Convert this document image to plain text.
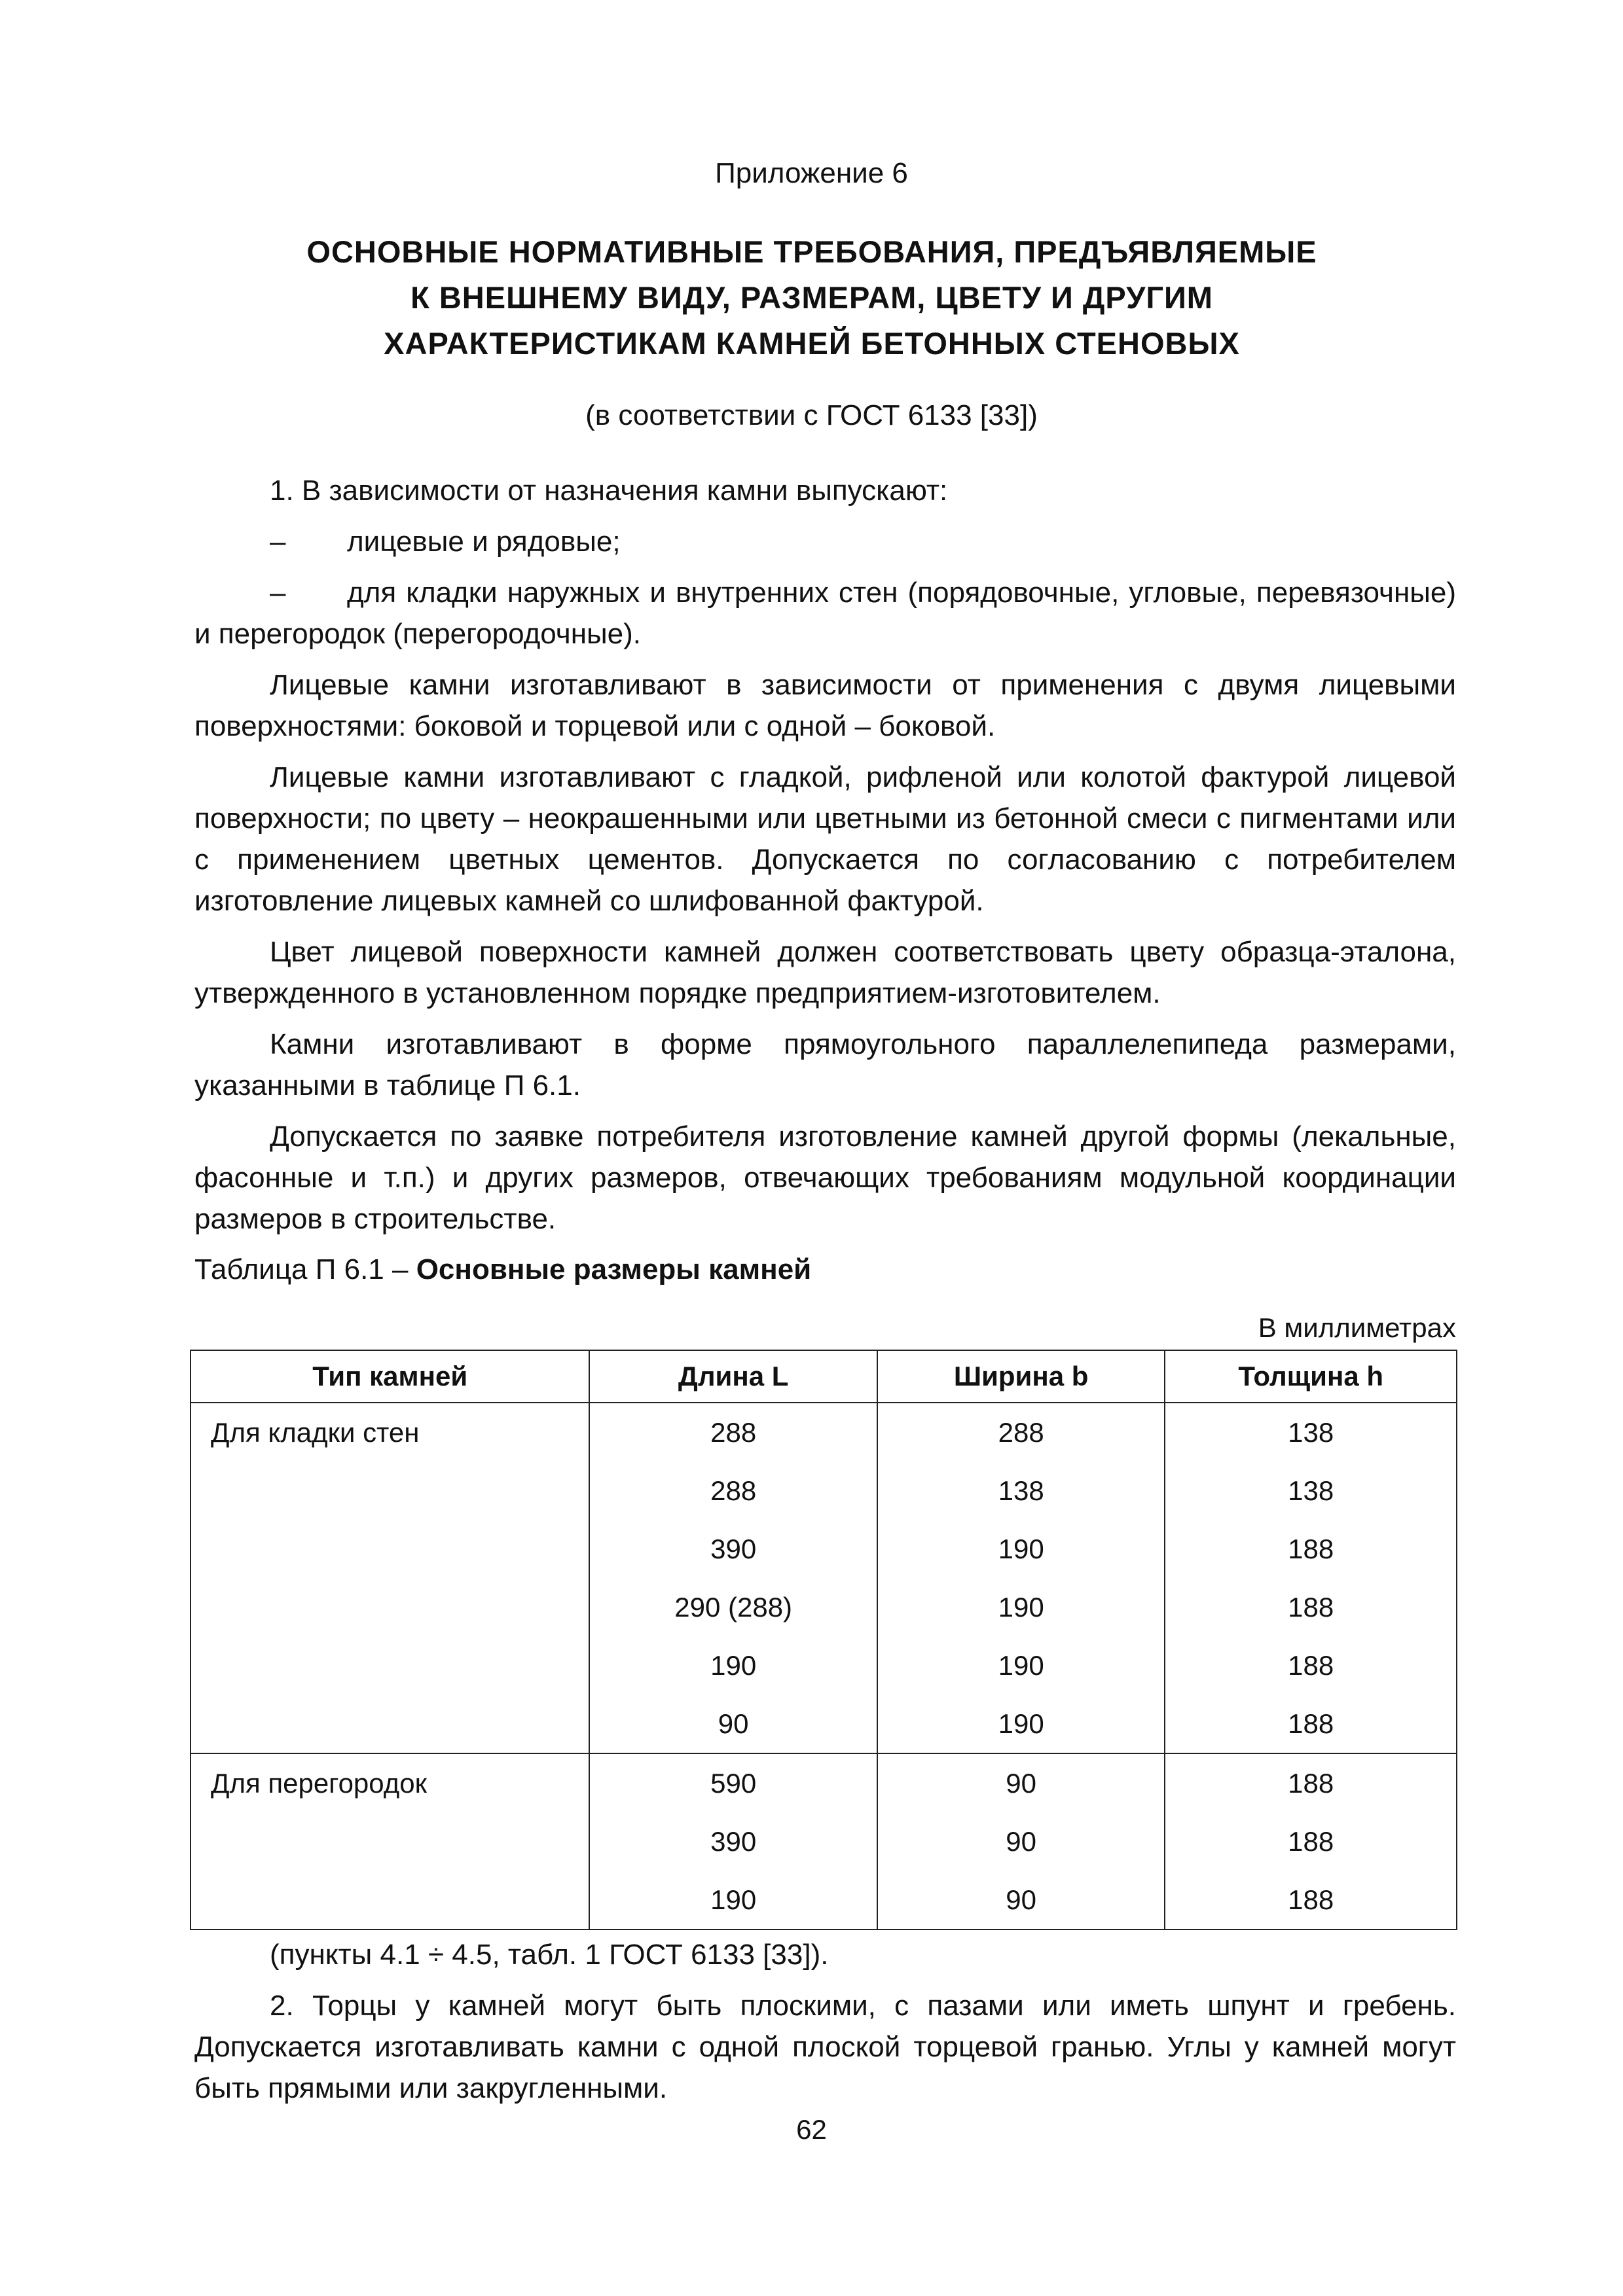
Приложение 6
ОСНОВНЫЕ НОРМАТИВНЫЕ ТРЕБОВАНИЯ, ПРЕДЪЯВЛЯЕМЫЕ
К ВНЕШНЕМУ ВИДУ, РАЗМЕРАМ, ЦВЕТУ И ДРУГИМ
ХАРАКТЕРИСТИКАМ КАМНЕЙ БЕТОННЫХ СТЕНОВЫХ
(в соответствии с ГОСТ 6133 [33])

1. В зависимости от назначения камни выпускают:

– лицевые и рядовые;

– для кладки наружных и внутренних стен (порядовочные, угловые, перевязочные) и перегородок (перегородочные).

Лицевые камни изготавливают в зависимости от применения с двумя лицевыми поверхностями: боковой и торцевой или с одной – боковой.

Лицевые камни изготавливают с гладкой, рифленой или колотой фактурой лицевой поверхности; по цвету – неокрашенными или цветными из бетонной смеси с пигментами или с применением цветных цементов. Допускается по согласованию с потребителем изготовление лицевых камней со шлифованной фактурой.

Цвет лицевой поверхности камней должен соответствовать цвету образца-эталона, утвержденного в установленном порядке предприятием-изготовителем.

Камни изготавливают в форме прямоугольного параллелепипеда размерами, указанными в таблице П 6.1.

Допускается по заявке потребителя изготовление камней другой формы (лекальные, фасонные и т.п.) и других размеров, отвечающих требованиям модульной координации размеров в строительстве.

Таблица П 6.1 – Основные размеры камней
В миллиметрах
Тип камней	Длина L	Ширина b	Толщина h
Для кладки стен	288	288	138
	288	138	138
	390	190	188
	290 (288)	190	188
	190	190	188
	90	190	188
Для перегородок	590	90	188
	390	90	188
	190	90	188

(пункты 4.1 ÷ 4.5, табл. 1 ГОСТ 6133 [33]).

2. Торцы у камней могут быть плоскими, с пазами или иметь шпунт и гребень. Допускается изготавливать камни с одной плоской торцевой гранью. Углы у камней могут быть прямыми или закругленными.

62
